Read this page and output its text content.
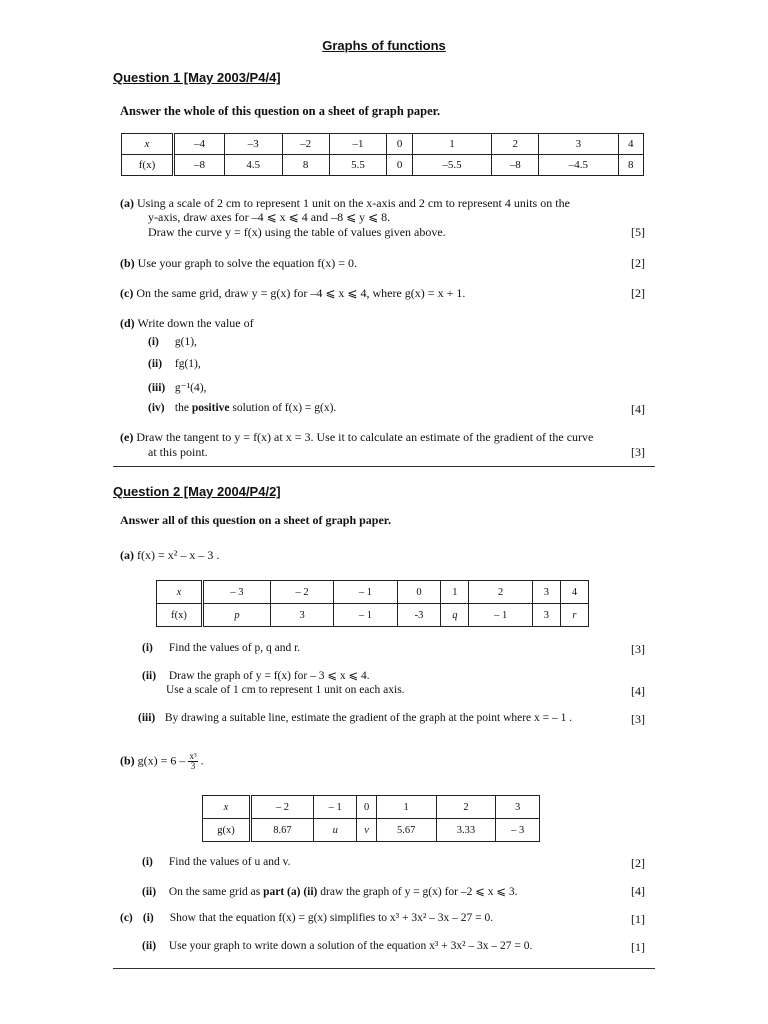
Graphs of functions
Question 1 [May 2003/P4/4]
Answer the whole of this question on a sheet of graph paper.
x	–4	–3	–2	–1	0	1	2	3	4
f(x)	–8	4.5	8	5.5	0	–5.5	–8	–4.5	8
(a) Using a scale of 2 cm to represent 1 unit on the x-axis and 2 cm to represent 4 units on the
y-axis, draw axes for –4 ⩽ x ⩽ 4 and –8 ⩽ y ⩽ 8.
Draw the curve y = f(x) using the table of values given above.	[5]
(b) Use your graph to solve the equation f(x) = 0.	[2]
(c) On the same grid, draw y = g(x) for –4 ⩽ x ⩽ 4, where g(x) = x + 1.	[2]
(d) Write down the value of
(i) g(1),
(ii) fg(1),
(iii) g⁻¹(4),
(iv) the positive solution of f(x) = g(x).	[4]
(e) Draw the tangent to y = f(x) at x = 3. Use it to calculate an estimate of the gradient of the curve
at this point.	[3]
Question 2 [May 2004/P4/2]
Answer all of this question on a sheet of graph paper.
(a) f(x) = x² – x – 3 .
x	– 3	– 2	– 1	0	1	2	3	4
f(x)	p	3	– 1	-3	q	– 1	3	r
(i) Find the values of p, q and r.	[3]
(ii) Draw the graph of y = f(x) for – 3 ⩽ x ⩽ 4.
Use a scale of 1 cm to represent 1 unit on each axis.	[4]
(iii) By drawing a suitable line, estimate the gradient of the graph at the point where x = – 1 .	[3]
(b) $g(x) = 6 - \frac{\text{x³}}{3}$ .
x	– 2	– 1	0	1	2	3
g(x)	8.67	u	v	5.67	3.33	– 3
(i) Find the values of u and v.	[2]
(ii) On the same grid as part (a) (ii) draw the graph of y = g(x) for –2 ⩽ x ⩽ 3.	[4]
(c) (i) Show that the equation f(x) = g(x) simplifies to x³ + 3x² – 3x – 27 = 0.	[1]
(ii) Use your graph to write down a solution of the equation x³ + 3x² – 3x – 27 = 0.	[1]
